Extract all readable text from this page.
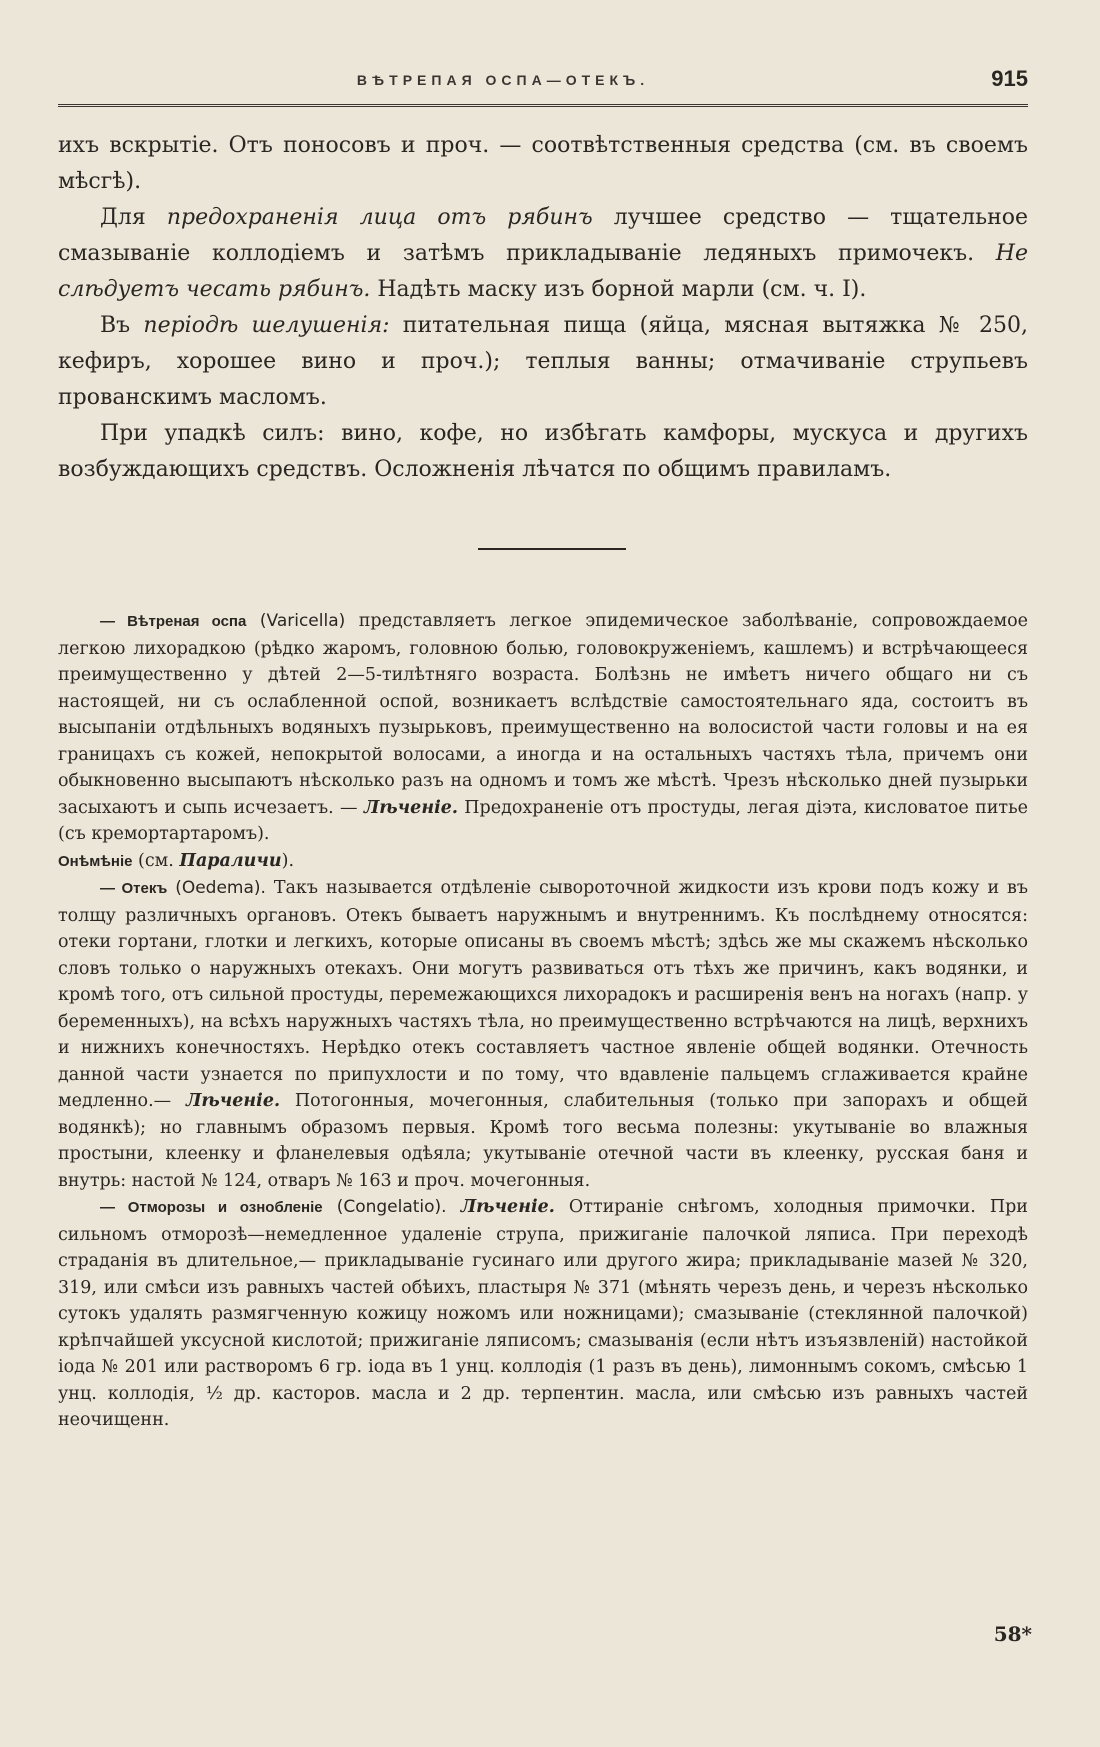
ВѢТРЕПАЯ ОСПА—ОТЕКЪ.	915

ихъ вскрытіе. Отъ поносовъ и проч. — соотвѣтственныя средства (см. въ своемъ мѣсгѣ).

Для предохраненія лица отъ рябинъ лучшее средство — тщательное смазываніе коллодіемъ и затѣмъ прикладываніе ледяныхъ примочекъ. Не слѣдуетъ чесать рябинъ. Надѣть маску изъ борной марли (см. ч. I).

Въ періодѣ шелушенія: питательная пища (яйца, мясная вытяжка № 250, кефиръ, хорошее вино и проч.); теплыя ванны; отмачиваніе струпьевъ прованскимъ масломъ.

При упадкѣ силъ: вино, кофе, но избѣгать камфоры, мускуса и другихъ возбуждающихъ средствъ. Осложненія лѣчатся по общимъ правиламъ.

— Вѣтреная оспа (Varicella) представляетъ легкое эпидемическое заболѣваніе, сопровождаемое легкою лихорадкою (рѣдко жаромъ, головною болью, головокруженіемъ, кашлемъ) и встрѣчающееся преимущественно у дѣтей 2—5-тилѣтняго возраста. Болѣзнь не имѣетъ ничего общаго ни съ настоящей, ни съ ослабленной оспой, возникаетъ вслѣдствіе самостоятельнаго яда, состоитъ въ высыпаніи отдѣльныхъ водяныхъ пузырьковъ, преимущественно на волосистой части головы и на ея границахъ съ кожей, непокрытой волосами, а иногда и на остальныхъ частяхъ тѣла, причемъ они обыкновенно высыпаютъ нѣсколько разъ на одномъ и томъ же мѣстѣ. Чрезъ нѣсколько дней пузырьки засыхаютъ и сыпь исчезаетъ. — Лѣченіе. Предохраненіе отъ простуды, легая діэта, кисловатое питье (съ кремортартаромъ).

Онѣмѣніе (см. Параличи).

— Отекъ (Oedema). Такъ называется отдѣленіе сывороточной жидкости изъ крови подъ кожу и въ толщу различныхъ органовъ. Отекъ бываетъ наружнымъ и внутреннимъ. Къ послѣднему относятся: отеки гортани, глотки и легкихъ, которые описаны въ своемъ мѣстѣ; здѣсь же мы скажемъ нѣсколько словъ только о наружныхъ отекахъ. Они могутъ развиваться отъ тѣхъ же причинъ, какъ водянки, и кромѣ того, отъ сильной простуды, перемежающихся лихорадокъ и расширенія венъ на ногахъ (напр. у беременныхъ), на всѣхъ наружныхъ частяхъ тѣла, но преимущественно встрѣчаются на лицѣ, верхнихъ и нижнихъ конечностяхъ. Нерѣдко отекъ составляетъ частное явленіе общей водянки. Отечность данной части узнается по припухлости и по тому, что вдавленіе пальцемъ сглаживается крайне медленно.— Лѣченіе. Потогонныя, мочегонныя, слабительныя (только при запорахъ и общей водянкѣ); но главнымъ образомъ первыя. Кромѣ того весьма полезны: укутываніе во влажныя простыни, клеенку и фланелевыя одѣяла; укутываніе отечной части въ клеенку, русская баня и внутрь: настой № 124, отваръ № 163 и проч. мочегонныя.

— Отморозы и ознобленіе (Congelatio). Лѣченіе. Оттираніе снѣгомъ, холодныя примочки. При сильномъ отморозѣ—немедленное удаленіе струпа, прижиганіе палочкой ляписа. При переходѣ страданія въ длительное,— прикладываніе гусинаго или другого жира; прикладываніе мазей № 320, 319, или смѣси изъ равныхъ частей обѣихъ, пластыря № 371 (мѣнять черезъ день, и черезъ нѣсколько сутокъ удалять размягченную кожицу ножомъ или ножницами); смазываніе (стеклянной палочкой) крѣпчайшей уксусной кислотой; прижиганіе ляписомъ; смазыванія (если нѣтъ изъязвленій) настойкой іода № 201 или растворомъ 6 гр. іода въ 1 унц. коллодія (1 разъ въ день), лимоннымъ сокомъ, смѣсью 1 унц. коллодія, ½ др. касторов. масла и 2 др. терпентин. масла, или смѣсью изъ равныхъ частей неочищенн.

58*
